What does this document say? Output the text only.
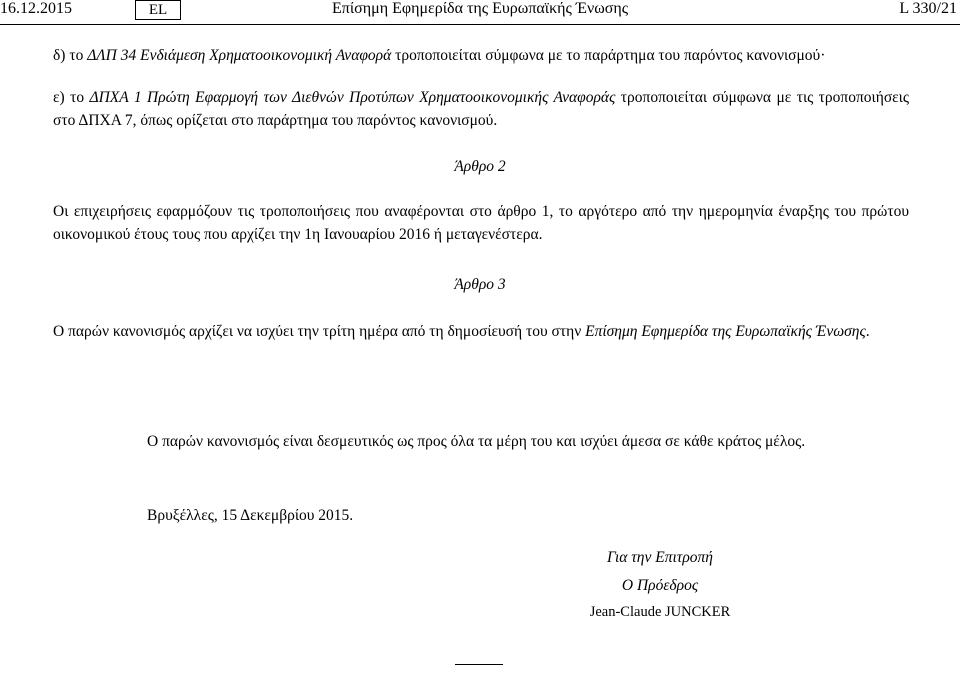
16.12.2015	EL	Επίσημη Εφημερίδα της Ευρωπαϊκής Ένωσης	L 330/21
δ) το ΔΛΠ 34 Ενδιάμεση Χρηματοοικονομική Αναφορά τροποποιείται σύμφωνα με το παράρτημα του παρόντος κανονισμού·
ε) το ΔΠΧΑ 1 Πρώτη Εφαρμογή των Διεθνών Προτύπων Χρηματοοικονομικής Αναφοράς τροποποιείται σύμφωνα με τις τροποποιήσεις στο ΔΠΧΑ 7, όπως ορίζεται στο παράρτημα του παρόντος κανονισμού.
Άρθρο 2
Οι επιχειρήσεις εφαρμόζουν τις τροποποιήσεις που αναφέρονται στο άρθρο 1, το αργότερο από την ημερομηνία έναρξης του πρώτου οικονομικού έτους τους που αρχίζει την 1η Ιανουαρίου 2016 ή μεταγενέστερα.
Άρθρο 3
Ο παρών κανονισμός αρχίζει να ισχύει την τρίτη ημέρα από τη δημοσίευσή του στην Επίσημη Εφημερίδα της Ευρωπαϊκής Ένωσης.
Ο παρών κανονισμός είναι δεσμευτικός ως προς όλα τα μέρη του και ισχύει άμεσα σε κάθε κράτος μέλος.
Βρυξέλλες, 15 Δεκεμβρίου 2015.
Για την Επιτροπή
Ο Πρόεδρος
Jean-Claude JUNCKER
